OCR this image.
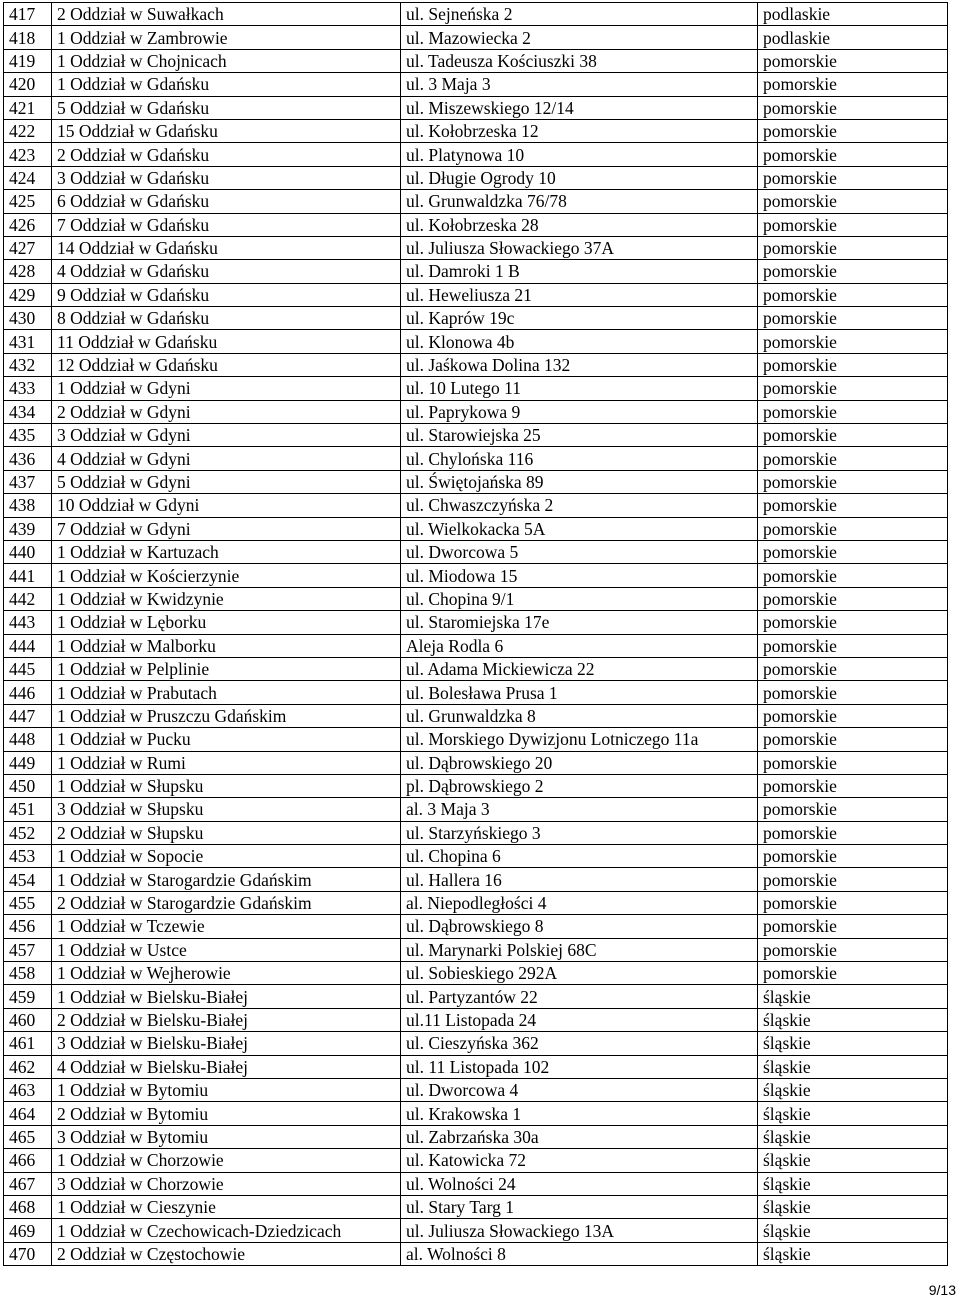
417	2 Oddział w Suwałkach	ul. Sejneńska 2	podlaskie
418	1 Oddział w Zambrowie	ul. Mazowiecka 2	podlaskie
419	1 Oddział w Chojnicach	ul. Tadeusza Kościuszki 38	pomorskie
420	1 Oddział w Gdańsku	ul. 3 Maja 3	pomorskie
421	5 Oddział w Gdańsku	ul. Miszewskiego 12/14	pomorskie
422	15 Oddział w Gdańsku	ul. Kołobrzeska 12	pomorskie
423	2 Oddział w Gdańsku	ul. Platynowa 10	pomorskie
424	3 Oddział w Gdańsku	ul. Długie Ogrody 10	pomorskie
425	6 Oddział w Gdańsku	ul. Grunwaldzka 76/78	pomorskie
426	7 Oddział w Gdańsku	ul. Kołobrzeska 28	pomorskie
427	14 Oddział w Gdańsku	ul. Juliusza Słowackiego 37A	pomorskie
428	4 Oddział w Gdańsku	ul. Damroki 1 B	pomorskie
429	9 Oddział w Gdańsku	ul. Heweliusza 21	pomorskie
430	8 Oddział w Gdańsku	ul. Kaprów 19c	pomorskie
431	11 Oddział w Gdańsku	ul. Klonowa 4b	pomorskie
432	12 Oddział w Gdańsku	ul. Jaśkowa Dolina 132	pomorskie
433	1 Oddział w Gdyni	ul. 10 Lutego 11	pomorskie
434	2 Oddział w Gdyni	ul. Paprykowa 9	pomorskie
435	3 Oddział w Gdyni	ul. Starowiejska 25	pomorskie
436	4 Oddział w Gdyni	ul. Chylońska 116	pomorskie
437	5 Oddział w Gdyni	ul. Świętojańska 89	pomorskie
438	10 Oddział w Gdyni	ul. Chwaszczyńska 2	pomorskie
439	7 Oddział w Gdyni	ul. Wielkokacka 5A	pomorskie
440	1 Oddział w Kartuzach	ul. Dworcowa 5	pomorskie
441	1 Oddział w Kościerzynie	ul. Miodowa 15	pomorskie
442	1 Oddział w Kwidzynie	ul. Chopina 9/1	pomorskie
443	1 Oddział w Lęborku	ul. Staromiejska 17e	pomorskie
444	1 Oddział w Malborku	Aleja Rodla 6	pomorskie
445	1 Oddział w Pelplinie	ul. Adama Mickiewicza 22	pomorskie
446	1 Oddział w Prabutach	ul. Bolesława Prusa 1	pomorskie
447	1 Oddział w Pruszczu Gdańskim	ul. Grunwaldzka 8	pomorskie
448	1 Oddział w Pucku	ul. Morskiego Dywizjonu Lotniczego 11a	pomorskie
449	1 Oddział w Rumi	ul. Dąbrowskiego 20	pomorskie
450	1 Oddział w Słupsku	pl. Dąbrowskiego 2	pomorskie
451	3 Oddział w Słupsku	al. 3 Maja 3	pomorskie
452	2 Oddział w Słupsku	ul. Starzyńskiego 3	pomorskie
453	1 Oddział w Sopocie	ul. Chopina 6	pomorskie
454	1 Oddział w Starogardzie Gdańskim	ul. Hallera 16	pomorskie
455	2 Oddział w Starogardzie Gdańskim	al. Niepodległości 4	pomorskie
456	1 Oddział w Tczewie	ul. Dąbrowskiego 8	pomorskie
457	1 Oddział w Ustce	ul. Marynarki Polskiej 68C	pomorskie
458	1 Oddział w Wejherowie	ul. Sobieskiego 292A	pomorskie
459	1 Oddział w Bielsku-Białej	ul. Partyzantów 22	śląskie
460	2 Oddział w Bielsku-Białej	ul.11 Listopada 24	śląskie
461	3 Oddział w Bielsku-Białej	ul. Cieszyńska 362	śląskie
462	4 Oddział w Bielsku-Białej	ul. 11 Listopada 102	śląskie
463	1 Oddział w Bytomiu	ul. Dworcowa 4	śląskie
464	2 Oddział w Bytomiu	ul. Krakowska 1	śląskie
465	3 Oddział w Bytomiu	ul. Zabrzańska 30a	śląskie
466	1 Oddział w Chorzowie	ul. Katowicka 72	śląskie
467	3 Oddział w Chorzowie	ul. Wolności 24	śląskie
468	1 Oddział w Cieszynie	ul. Stary Targ 1	śląskie
469	1 Oddział w Czechowicach-Dziedzicach	ul. Juliusza Słowackiego 13A	śląskie
470	2 Oddział w Częstochowie	al. Wolności 8	śląskie
9/13
